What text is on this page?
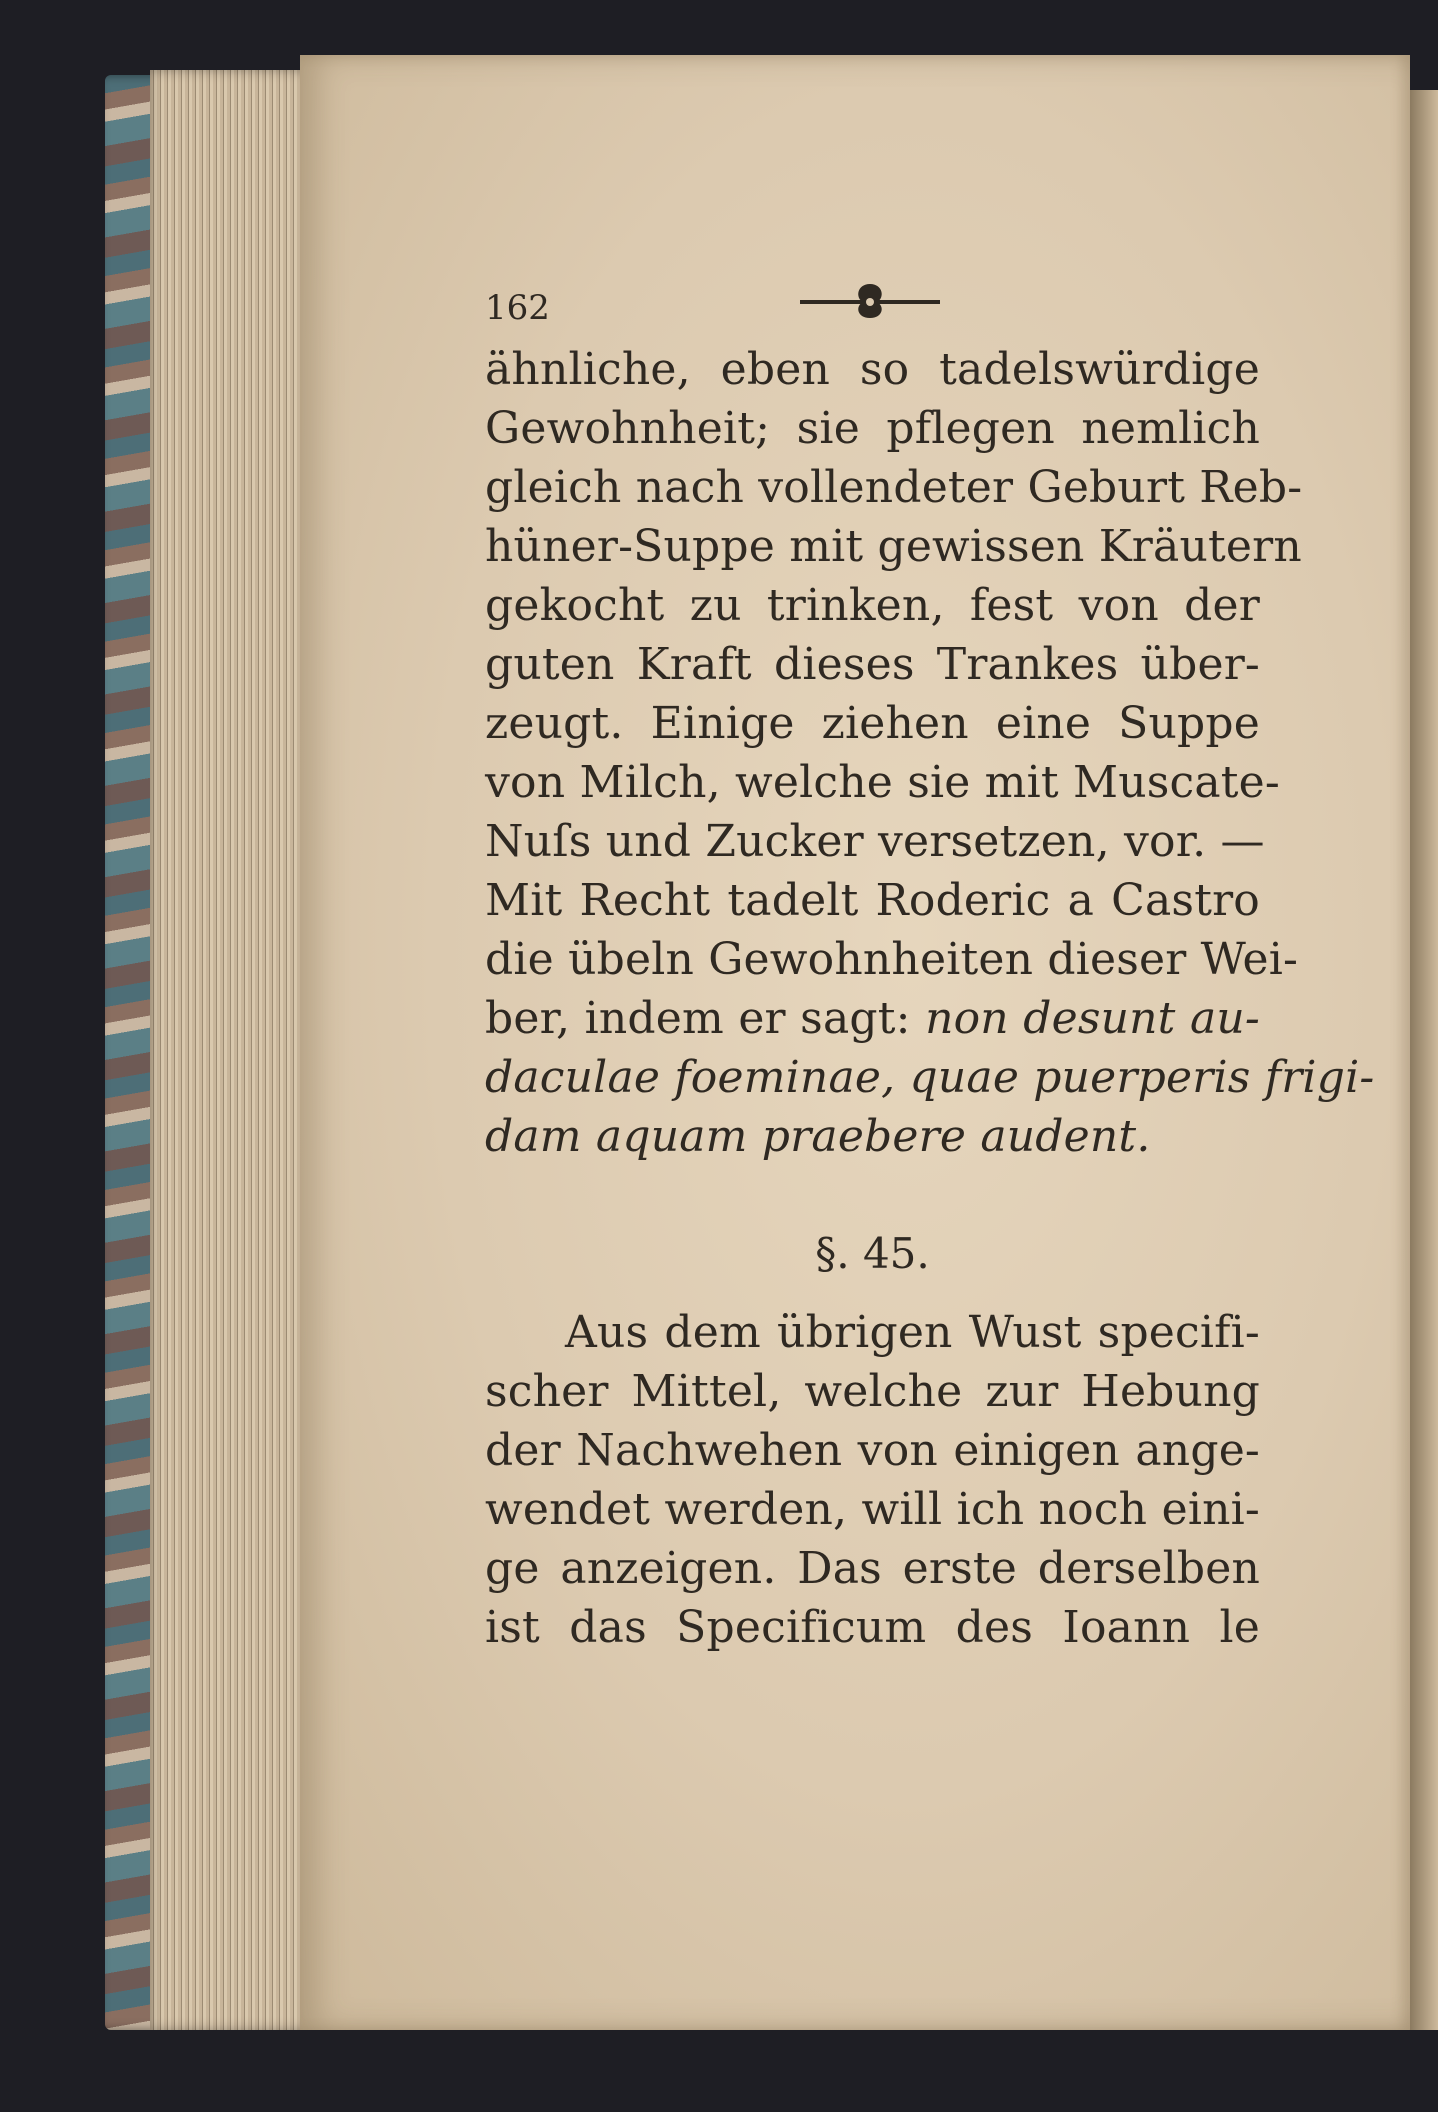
162
ähnliche, eben so tadelswürdige
Gewohnheit; sie pflegen nemlich
gleich nach vollendeter Geburt Reb-
hüner-Suppe mit gewissen Kräutern
gekocht zu trinken, fest von der
guten Kraft dieses Trankes über-
zeugt. Einige ziehen eine Suppe
von Milch, welche sie mit Muscate-
Nuſs und Zucker versetzen, vor. —
Mit Recht tadelt Roderic a Castro
die übeln Gewohnheiten dieser Wei-
ber, indem er sagt: non desunt au-
daculae foeminae, quae puerperis frigi-
dam aquam praebere audent.
§. 45.
Aus dem übrigen Wust specifi-
scher Mittel, welche zur Hebung
der Nachwehen von einigen ange-
wendet werden, will ich noch eini-
ge anzeigen. Das erste derselben
ist das Specificum des Ioann le
